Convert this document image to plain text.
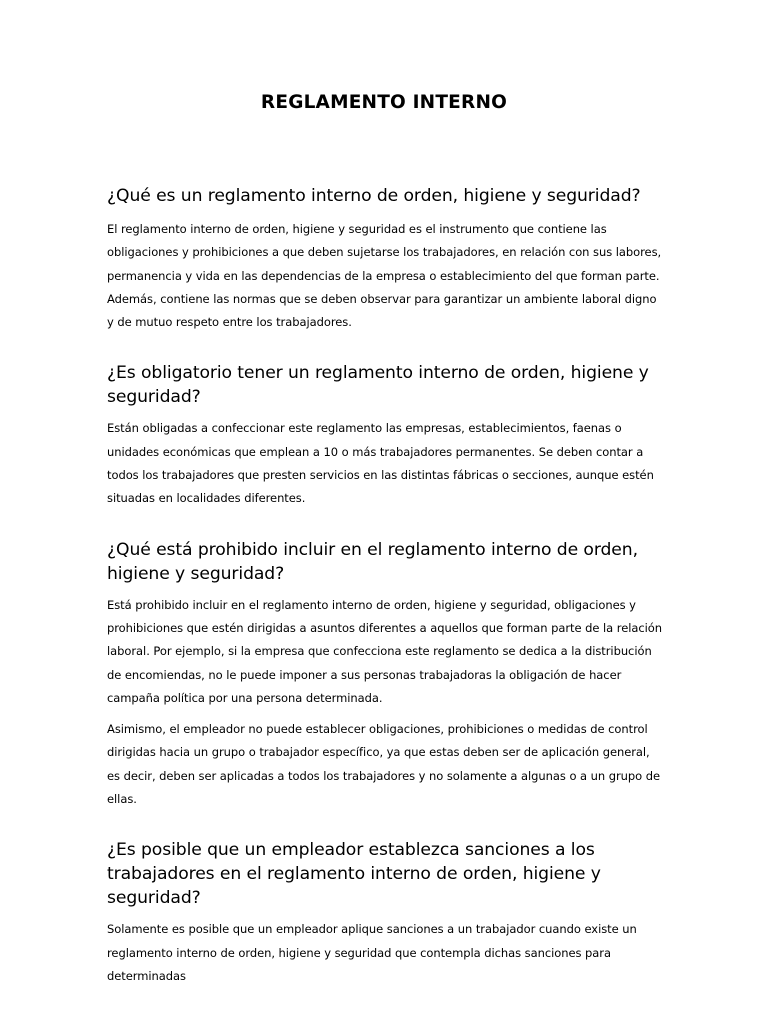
REGLAMENTO INTERNO
¿Qué es un reglamento interno de orden, higiene y seguridad?

El reglamento interno de orden, higiene y seguridad es el instrumento que contiene las obligaciones y prohibiciones a que deben sujetarse los trabajadores, en relación con sus labores, permanencia y vida en las dependencias de la empresa o establecimiento del que forman parte. Además, contiene las normas que se deben observar para garantizar un ambiente laboral digno y de mutuo respeto entre los trabajadores.

¿Es obligatorio tener un reglamento interno de orden, higiene y seguridad?

Están obligadas a confeccionar este reglamento las empresas, establecimientos, faenas o unidades económicas que emplean a 10 o más trabajadores permanentes. Se deben contar a todos los trabajadores que presten servicios en las distintas fábricas o secciones, aunque estén situadas en localidades diferentes.

¿Qué está prohibido incluir en el reglamento interno de orden, higiene y seguridad?

Está prohibido incluir en el reglamento interno de orden, higiene y seguridad, obligaciones y prohibiciones que estén dirigidas a asuntos diferentes a aquellos que forman parte de la relación laboral. Por ejemplo, si la empresa que confecciona este reglamento se dedica a la distribución de encomiendas, no le puede imponer a sus personas trabajadoras la obligación de hacer campaña política por una persona determinada.

Asimismo, el empleador no puede establecer obligaciones, prohibiciones o medidas de control dirigidas hacia un grupo o trabajador específico, ya que estas deben ser de aplicación general, es decir, deben ser aplicadas a todos los trabajadores y no solamente a algunas o a un grupo de ellas.

¿Es posible que un empleador establezca sanciones a los trabajadores en el reglamento interno de orden, higiene y seguridad?

Solamente es posible que un empleador aplique sanciones a un trabajador cuando existe un reglamento interno de orden, higiene y seguridad que contempla dichas sanciones para determinadas
